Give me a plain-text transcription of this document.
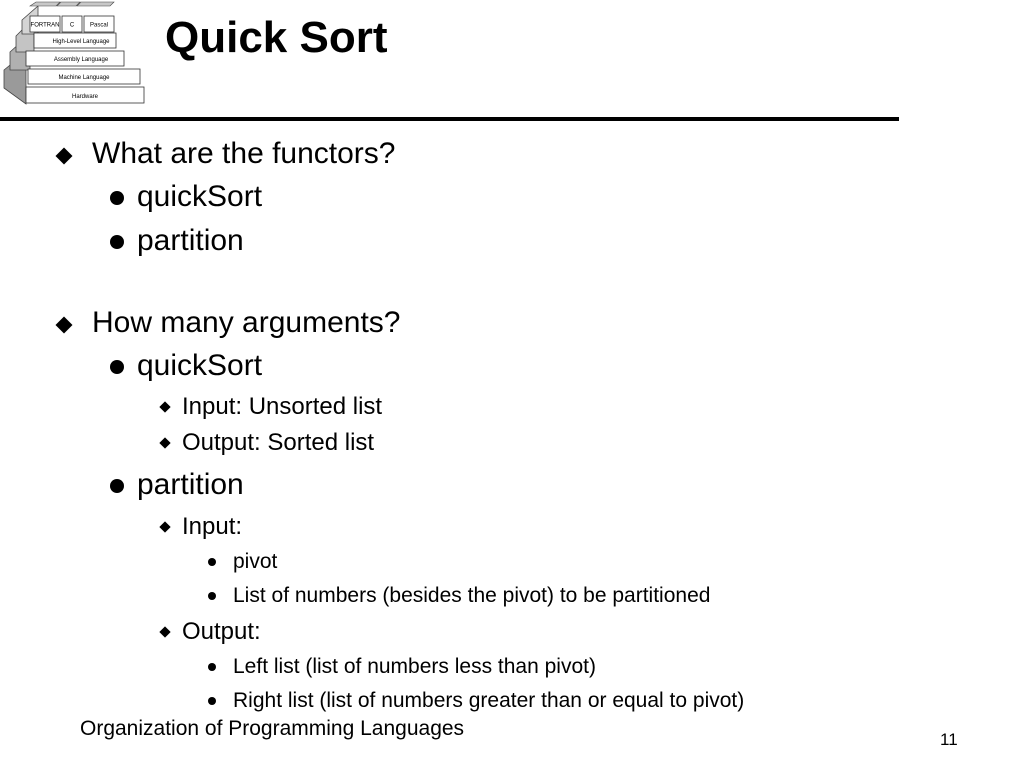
FORTRAN C	Pascal
High-Level Language
Assembly Language
Machine Language
Hardware
Quick Sort
What are the functors?
quickSort
partition
How many arguments?
quickSort
Input: Unsorted list
Output: Sorted list
partition
Input:
pivot
List of numbers (besides the pivot) to be partitioned
Output:
Left list (list of numbers less than pivot)
Right list (list of numbers greater than or equal to pivot)
Organization of Programming Languages	11
